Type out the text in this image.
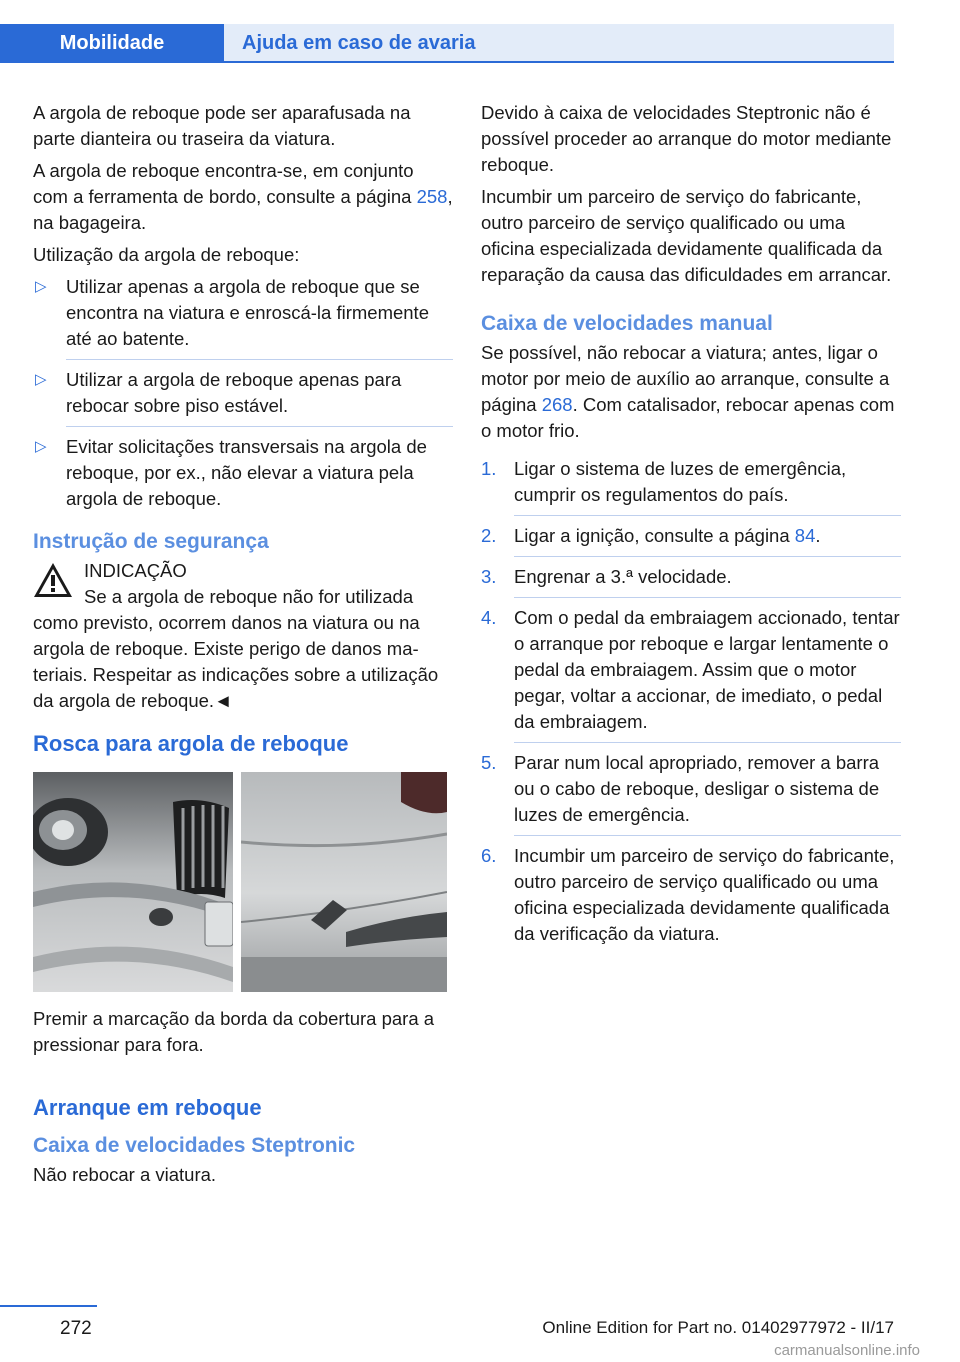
Mobilidade	Ajuda em caso de avaria

A argola de reboque pode ser aparafusada na parte dianteira ou traseira da viatura.

A argola de reboque encontra-se, em conjunto com a ferramenta de bordo, consulte a página 258, na bagageira.

Utilização da argola de reboque:

▷ Utilizar apenas a argola de reboque que se encontra na viatura e enroscá-la firmemente até ao batente.
▷ Utilizar a argola de reboque apenas para rebocar sobre piso estável.
▷ Evitar solicitações transversais na argola de reboque, por ex., não elevar a viatura pela argola de reboque.
Instrução de segurança
INDICAÇÃO
Se a argola de reboque não for utilizada
como previsto, ocorrem danos na viatura ou na argola de reboque. Existe perigo de danos materiais. Respeitar as indicações sobre a utilização da argola de reboque.◄
Rosca para argola de reboque

Premir a marcação da borda da cobertura para a pressionar para fora.

Arranque em reboque
Caixa de velocidades Steptronic

Não rebocar a viatura.

Devido à caixa de velocidades Steptronic não é possível proceder ao arranque do motor mediante reboque.

Incumbir um parceiro de serviço do fabricante, outro parceiro de serviço qualificado ou uma oficina especializada devidamente qualificada da reparação da causa das dificuldades em arrancar.

Caixa de velocidades manual

Se possível, não rebocar a viatura; antes, ligar o motor por meio de auxílio ao arranque, consulte a página 268. Com catalisador, rebocar apenas com o motor frio.

1. Ligar o sistema de luzes de emergência, cumprir os regulamentos do país.
2. Ligar a ignição, consulte a página 84.
3. Engrenar a 3.ª velocidade.
4. Com o pedal da embraiagem accionado, tentar o arranque por reboque e largar lentamente o pedal da embraiagem. Assim que o motor pegar, voltar a accionar, de imediato, o pedal da embraiagem.
5. Parar num local apropriado, remover a barra ou o cabo de reboque, desligar o sistema de luzes de emergência.
6. Incumbir um parceiro de serviço do fabricante, outro parceiro de serviço qualificado ou uma oficina especializada devidamente qualificada da verificação da viatura.
272	Online Edition for Part no. 01402977972 - II/17
carmanualsonline.info
